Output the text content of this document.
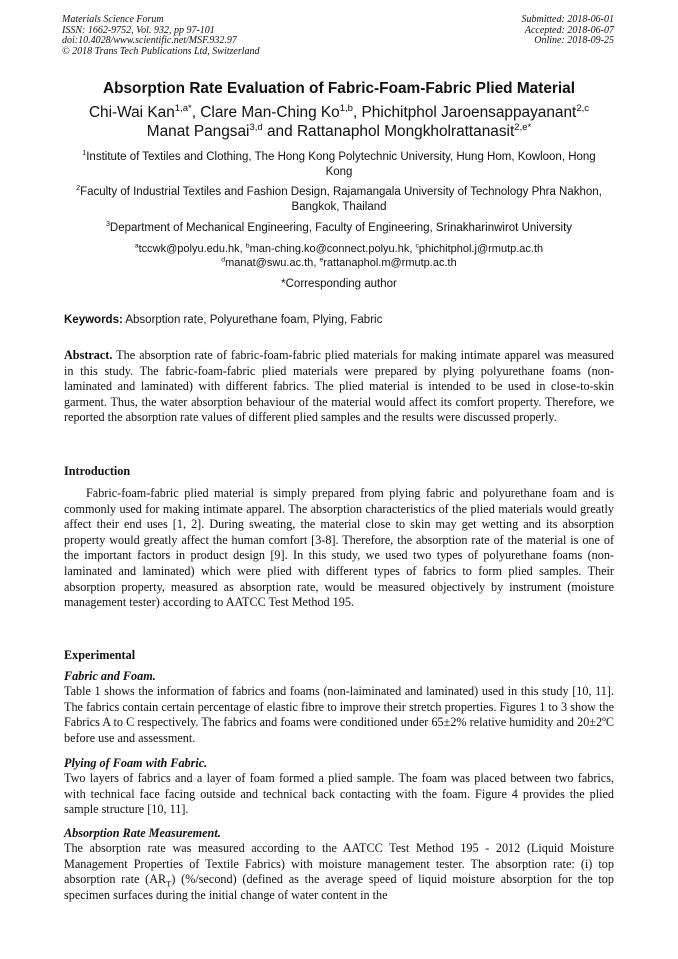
Materials Science Forum
ISSN: 1662-9752, Vol. 932, pp 97-101
doi:10.4028/www.scientific.net/MSF.932.97
© 2018 Trans Tech Publications Ltd, Switzerland
Submitted: 2018-06-01
Accepted: 2018-06-07
Online: 2018-09-25
Absorption Rate Evaluation of Fabric-Foam-Fabric Plied Material
Chi-Wai Kan$^{1,a*}$, Clare Man-Ching Ko$^{1,b}$, Phichitphol Jaroensappayanant$^{2,c}$
Manat Pangsai$^{3,d}$ and Rattanaphol Mongkholrattanasit$^{2,e*}$
$^1$Institute of Textiles and Clothing, The Hong Kong Polytechnic University, Hung Hom, Kowloon, Hong Kong
$^2$Faculty of Industrial Textiles and Fashion Design, Rajamangala University of Technology Phra Nakhon, Bangkok, Thailand
$^3$Department of Mechanical Engineering, Faculty of Engineering, Srinakharinwirot University
$^a$tccwk@polyu.edu.hk, $^b$man-ching.ko@connect.polyu.hk, $^c$phichitphol.j@rmutp.ac.th
$^d$manat@swu.ac.th, $^e$rattanaphol.m@rmutp.ac.th
*Corresponding author
Keywords: Absorption rate, Polyurethane foam, Plying, Fabric
Abstract. The absorption rate of fabric-foam-fabric plied materials for making intimate apparel was measured in this study. The fabric-foam-fabric plied materials were prepared by plying polyurethane foams (non-laminated and laminated) with different fabrics. The plied material is intended to be used in close-to-skin garment. Thus, the water absorption behaviour of the material would affect its comfort property. Therefore, we reported the absorption rate values of different plied samples and the results were discussed properly.
Introduction
Fabric-foam-fabric plied material is simply prepared from plying fabric and polyurethane foam and is commonly used for making intimate apparel. The absorption characteristics of the plied materials would greatly affect their end uses [1, 2]. During sweating, the material close to skin may get wetting and its absorption property would greatly affect the human comfort [3-8]. Therefore, the absorption rate of the material is one of the important factors in product design [9]. In this study, we used two types of polyurethane foams (non-laminated and laminated) which were plied with different types of fabrics to form plied samples. Their absorption property, measured as absorption rate, would be measured objectively by instrument (moisture management tester) according to AATCC Test Method 195.
Experimental
Fabric and Foam.
Table 1 shows the information of fabrics and foams (non-laiminated and laminated) used in this study [10, 11]. The fabrics contain certain percentage of elastic fibre to improve their stretch properties. Figures 1 to 3 show the Fabrics A to C respectively. The fabrics and foams were conditioned under 65±2% relative humidity and 20±2ºC before use and assessment.
Plying of Foam with Fabric.
Two layers of fabrics and a layer of foam formed a plied sample. The foam was placed between two fabrics, with technical face facing outside and technical back contacting with the foam. Figure 4 provides the plied sample structure [10, 11].
Absorption Rate Measurement.
The absorption rate was measured according to the AATCC Test Method 195 - 2012 (Liquid Moisture Management Properties of Textile Fabrics) with moisture management tester. The absorption rate: (i) top absorption rate $(AR_T)$ (%/second) (defined as the average speed of liquid moisture absorption for the top specimen surfaces during the initial change of water content in the
